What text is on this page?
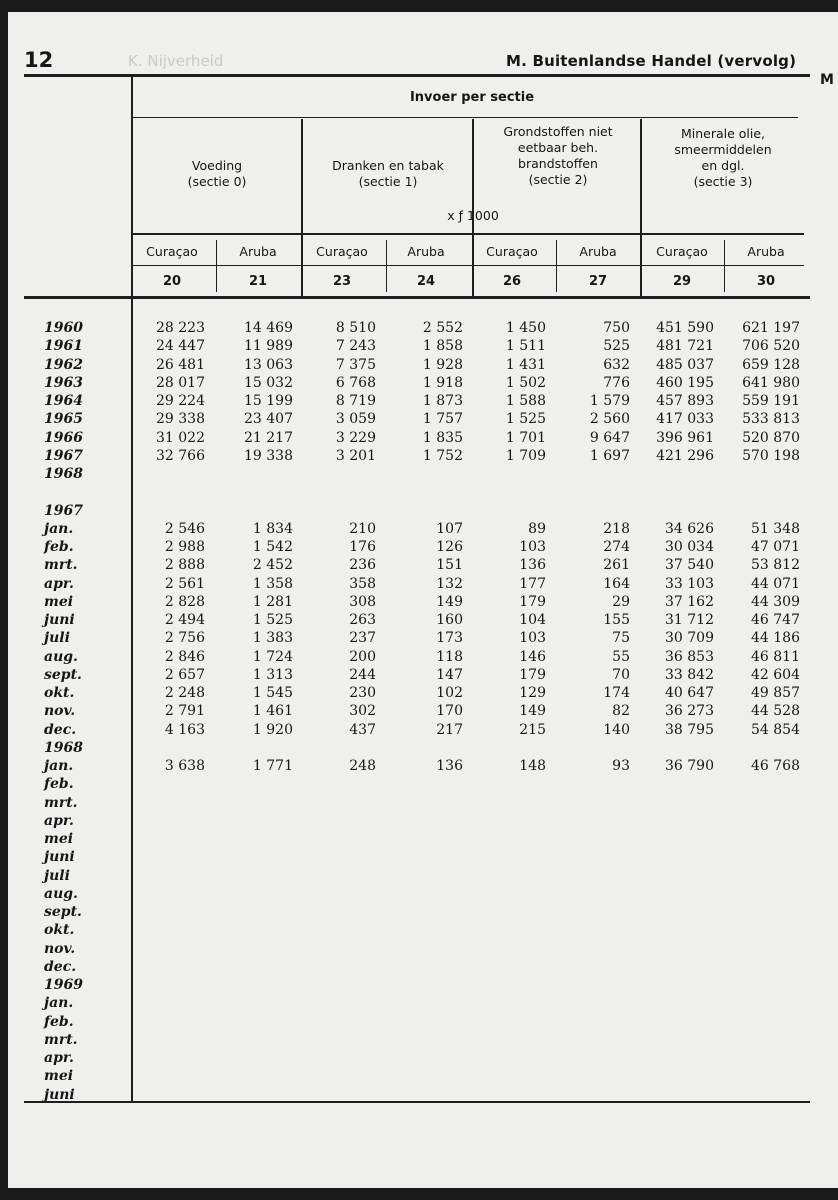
12	K. Nijverheid	M. Buitenlandse Handel (vervolg)
M
Invoer per sectie
x ƒ 1000
Voeding
(sectie 0)
Dranken en tabak
(sectie 1)
Grondstoffen niet
eetbaar beh.
brandstoffen
(sectie 2)
Minerale olie,
smeermiddelen
en dgl.
(sectie 3)
Curaçao	Aruba	Curaçao	Aruba	Curaçao	Aruba	Curaçao	Aruba
20	21	23	24	26	27	29	30
1960	28 223	14 469	8 510	2 552	1 450	750	451 590	621 197
1961	24 447	11 989	7 243	1 858	1 511	525	481 721	706 520
1962	26 481	13 063	7 375	1 928	1 431	632	485 037	659 128
1963	28 017	15 032	6 768	1 918	1 502	776	460 195	641 980
1964	29 224	15 199	8 719	1 873	1 588	1 579	457 893	559 191
1965	29 338	23 407	3 059	1 757	1 525	2 560	417 033	533 813
1966	31 022	21 217	3 229	1 835	1 701	9 647	396 961	520 870
1967	32 766	19 338	3 201	1 752	1 709	1 697	421 296	570 198
1968
1967
jan.	2 546	1 834	210	107	89	218	34 626	51 348
feb.	2 988	1 542	176	126	103	274	30 034	47 071
mrt.	2 888	2 452	236	151	136	261	37 540	53 812
apr.	2 561	1 358	358	132	177	164	33 103	44 071
mei	2 828	1 281	308	149	179	29	37 162	44 309
juni	2 494	1 525	263	160	104	155	31 712	46 747
juli	2 756	1 383	237	173	103	75	30 709	44 186
aug.	2 846	1 724	200	118	146	55	36 853	46 811
sept.	2 657	1 313	244	147	179	70	33 842	42 604
okt.	2 248	1 545	230	102	129	174	40 647	49 857
nov.	2 791	1 461	302	170	149	82	36 273	44 528
dec.	4 163	1 920	437	217	215	140	38 795	54 854
1968
jan.	3 638	1 771	248	136	148	93	36 790	46 768
feb.
mrt.
apr.
mei
juni
juli
aug.
sept.
okt.
nov.
dec.
1969
jan.
feb.
mrt.
apr.
mei
juni
